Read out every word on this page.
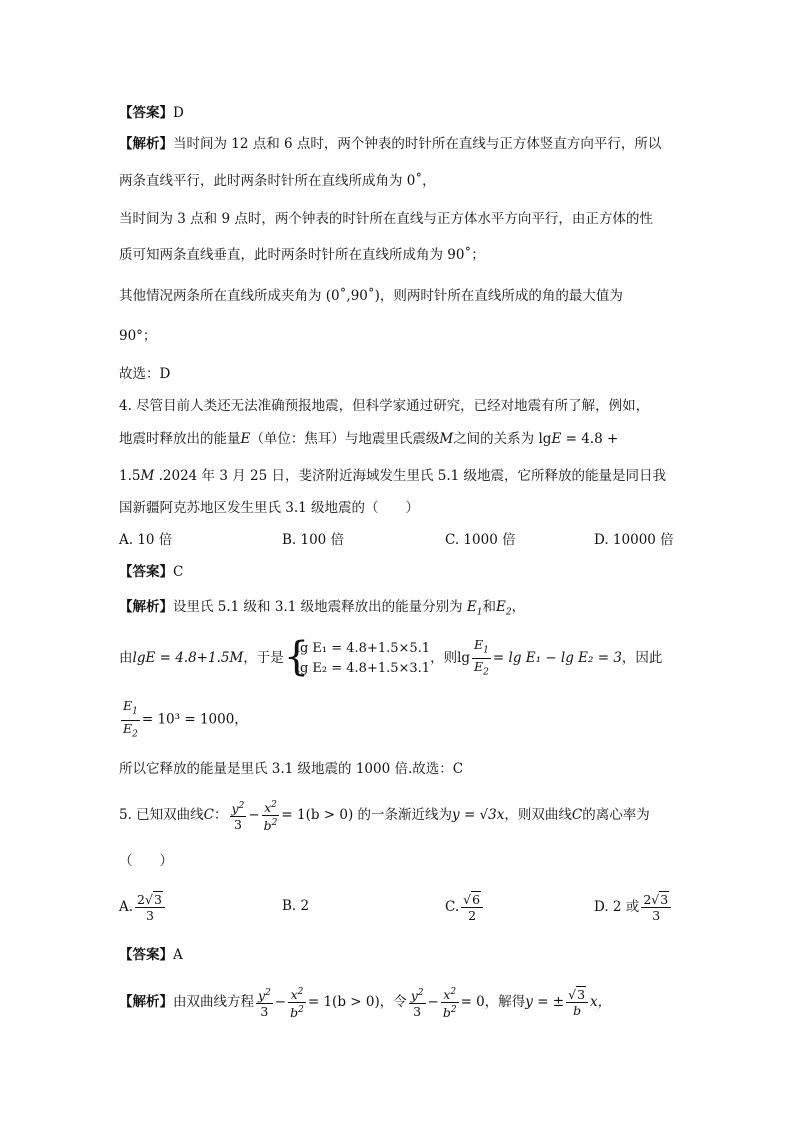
【答案】D
【解析】当时间为 12 点和 6 点时，两个钟表的时针所在直线与正方体竖直方向平行，所以
两条直线平行，此时两条时针所在直线所成角为 0˚，
当时间为 3 点和 9 点时，两个钟表的时针所在直线与正方体水平方向平行，由正方体的性
质可知两条直线垂直，此时两条时针所在直线所成角为 90˚；
其他情况两条所在直线所成夹角为 (0˚,90˚)，则两时针所在直线所成的角的最大值为
90°；
故选：D
4. 尽管目前人类还无法准确预报地震，但科学家通过研究，已经对地震有所了解，例如，
地震时释放出的能量E（单位：焦耳）与地震里氏震级M之间的关系为 lgE = 4.8 +
1.5M .2024 年 3 月 25 日，斐济附近海域发生里氏 5.1 级地震，它所释放的能量是同日我
国新疆阿克苏地区发生里氏 3.1 级地震的（　　）
A. 10 倍	B. 100 倍	C. 1000 倍	D. 10000 倍
【答案】C
【解析】设里氏 5.1 级和 3.1 级地震释放出的能量分别为 $E_1$和$E_2$，
由lgE = 4.8+1.5M，于是 {
lg E₁ = 4.8+1.5×5.1
lg E₂ = 4.8+1.5×3.1
，则$\lg \frac{E_1}{E_2} = \lg E_1 - \lg E_2 = 3$，因此
$\frac{E_1}{E_2} = 10^3 = 1000$，
所以它释放的能量是里氏 3.1 级地震的 1000 倍.故选：C
5. 已知双曲线C： $\frac{y^2}{3} - \frac{x^2}{b^2} = 1(b > 0)$ 的一条渐近线为y = √3x，则双曲线C的离心率为
（　　）
A. $\frac{2√3}{3}$	B. 2	C. $\frac{√6}{2}$	D. 2 或 $\frac{2√3}{3}$
【答案】A
【解析】由双曲线方程 $\frac{y^2}{3} - \frac{x^2}{b^2} = 1(b > 0)$，令 $\frac{y^2}{3} - \frac{x^2}{b^2} = 0$，解得y = ± $\frac{√3}{b}$ x，
